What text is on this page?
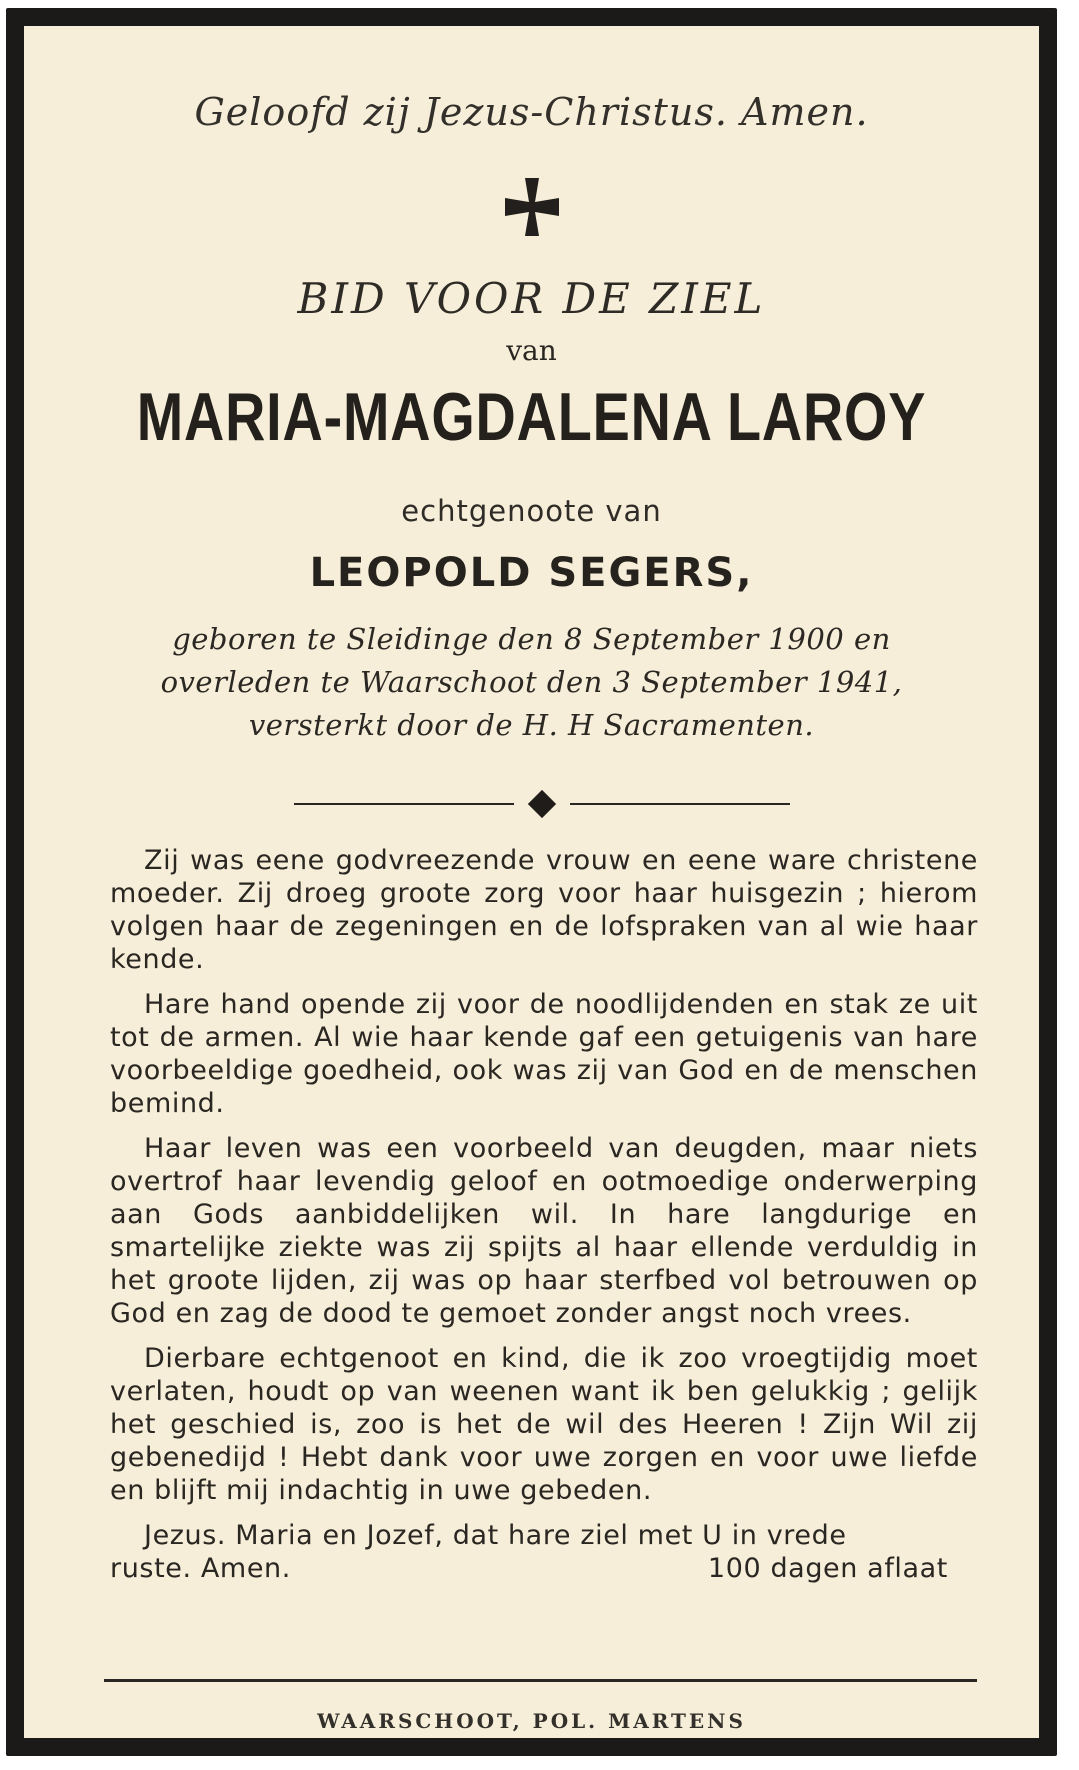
Geloofd zij Jezus-Christus. Amen.
BID VOOR DE ZIEL
van
MARIA-MAGDALENA LAROY
echtgenoote van
LEOPOLD SEGERS,

geboren te Sleidinge den 8 September 1900 en

overleden te Waarschoot den 3 September 1941,

versterkt door de H. H Sacramenten.

Zij was eene godvreezende vrouw en eene ware christene moeder. Zij droeg groote zorg voor haar huisgezin ; hierom volgen haar de zegeningen en de lofspraken van al wie haar kende.

Hare hand opende zij voor de noodlijdenden en stak ze uit tot de armen. Al wie haar kende gaf een getuigenis van hare voorbeeldige goedheid, ook was zij van God en de menschen bemind.

Haar leven was een voorbeeld van deugden, maar niets overtrof haar levendig geloof en ootmoedige onderwerping aan Gods aanbiddelijken wil. In hare langdurige en smartelijke ziekte was zij spijts al haar ellende verduldig in het groote lijden, zij was op haar sterfbed vol betrouwen op God en zag de dood te gemoet zonder angst noch vrees.

Dierbare echtgenoot en kind, die ik zoo vroegtijdig moet verlaten, houdt op van weenen want ik ben gelukkig ; gelijk het geschied is, zoo is het de wil des Heeren ! Zijn Wil zij gebenedijd ! Hebt dank voor uwe zorgen en voor uwe liefde en blijft mij indachtig in uwe gebeden.

Jezus. Maria en Jozef, dat hare ziel met U in vrede

ruste. Amen.	100 dagen aflaat
WAARSCHOOT, POL. MARTENS
